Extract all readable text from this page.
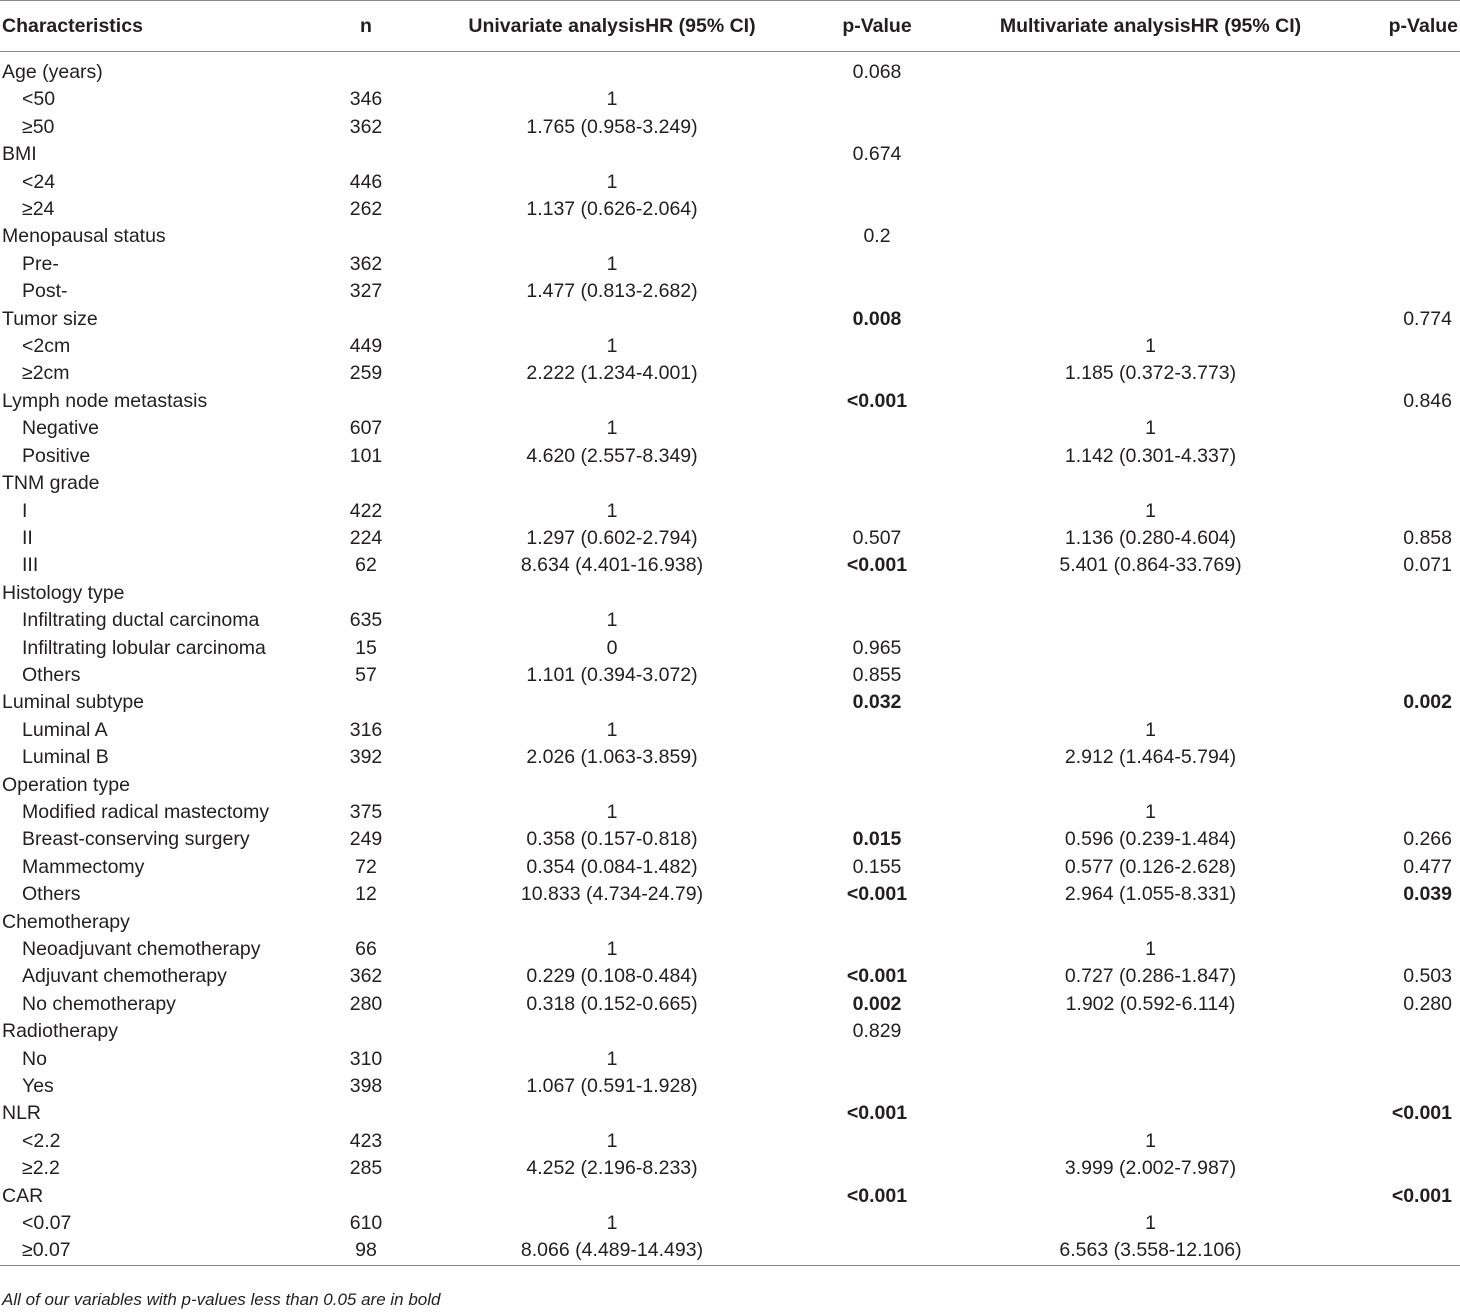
Characteristics	n	Univariate analysisHR (95% CI)	p-Value	Multivariate analysisHR (95% CI)	p-Value

Age (years)			0.068		
<50	346	1			
≥50	362	1.765 (0.958-3.249)			
BMI			0.674		
<24	446	1			
≥24	262	1.137 (0.626-2.064)			
Menopausal status			0.2		
Pre-	362	1			
Post-	327	1.477 (0.813-2.682)			
Tumor size			0.008		0.774
<2cm	449	1		1	
≥2cm	259	2.222 (1.234-4.001)		1.185 (0.372-3.773)	
Lymph node metastasis			<0.001		0.846
Negative	607	1		1	
Positive	101	4.620 (2.557-8.349)		1.142 (0.301-4.337)	
TNM grade					
I	422	1		1	
II	224	1.297 (0.602-2.794)	0.507	1.136 (0.280-4.604)	0.858
III	62	8.634 (4.401-16.938)	<0.001	5.401 (0.864-33.769)	0.071
Histology type					
Infiltrating ductal carcinoma	635	1			
Infiltrating lobular carcinoma	15	0	0.965		
Others	57	1.101 (0.394-3.072)	0.855		
Luminal subtype			0.032		0.002
Luminal A	316	1		1	
Luminal B	392	2.026 (1.063-3.859)		2.912 (1.464-5.794)	
Operation type					
Modified radical mastectomy	375	1		1	
Breast-conserving surgery	249	0.358 (0.157-0.818)	0.015	0.596 (0.239-1.484)	0.266
Mammectomy	72	0.354 (0.084-1.482)	0.155	0.577 (0.126-2.628)	0.477
Others	12	10.833 (4.734-24.79)	<0.001	2.964 (1.055-8.331)	0.039
Chemotherapy					
Neoadjuvant chemotherapy	66	1		1	
Adjuvant chemotherapy	362	0.229 (0.108-0.484)	<0.001	0.727 (0.286-1.847)	0.503
No chemotherapy	280	0.318 (0.152-0.665)	0.002	1.902 (0.592-6.114)	0.280
Radiotherapy			0.829		
No	310	1			
Yes	398	1.067 (0.591-1.928)			
NLR			<0.001		<0.001
<2.2	423	1		1	
≥2.2	285	4.252 (2.196-8.233)		3.999 (2.002-7.987)	
CAR			<0.001		<0.001
<0.07	610	1		1	
≥0.07	98	8.066 (4.489-14.493)		6.563 (3.558-12.106)	
All of our variables with p-values less than 0.05 are in bold
